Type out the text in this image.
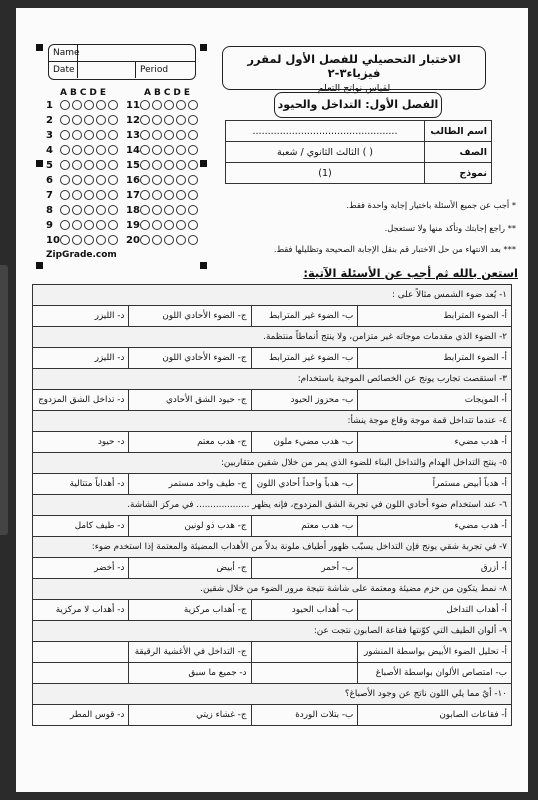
Name
Date	Period
ABCDE	ABCDE
1
2
3
4
5
6
7
8
9
10
11
12
13
14
15
16
17
18
19
20
ZipGrade.com
الاختبار التحصيلي للفصل الأول لمقرر فيزياء٣-٢
لقياس نواتج التعلم
الفصل الأول: التداخل والحيود
................................................	اسم الطالب
الثالث الثانوي / شعبة ( )	الصف
(1)	نموذج
* أجب عن جميع الأسئلة باختيار إجابة واحدة فقط.
** راجع إجابتك وتأكد منها ولا تستعجل.
*** بعد الانتهاء من حل الاختبار قم بنقل الإجابة الصحيحة وتظليلها فقط.
استعن بالله ثم أجب عن الأسئلة الآتية:
١- يُعد ضوء الشمس مثالاً على :			
أ- الضوء المترابط	ب- الضوء غير المترابط	ج- الضوء الأحادي اللون	د- الليزر
٢- الضوء الذي مقدمات موجاته غير متزامن، ولا ينتج أنماطاً منتظمة.			
أ- الضوء المترابط	ب- الضوء غير المترابط	ج- الضوء الأحادي اللون	د- الليزر
٣- استقصت تجارب يونج عن الخصائص الموجية باستخدام:			
أ- المويجات	ب- محزوز الحيود	ج- حيود الشق الأحادي	د- تداخل الشق المزدوج
٤- عندما تتداخل قمة موجة وقاع موجة ينشأ:			
أ- هدب مضيء	ب- هدب مضيء ملون	ج- هدب معتم	د- حيود
٥- ينتج التداخل الهدام والتداخل البناء للضوء الذي يمر من خلال شقين متقاربين:			
أ- هدباً أبيض مستمراً	ب- هدباً واحداً أحادي اللون	ج- طيف واحد مستمر	د- أهداباً متتالية
٦- عند استخدام ضوء أحادي اللون في تجربة الشق المزدوج، فإنه يظهر ................... في مركز الشاشة.			
أ- هدب مضيء	ب- هدب معتم	ج- هدب ذو لونين	د- طيف كامل
٧- في تجربة شقي يونج فإن التداخل يسبّب ظهور أطياف ملونة بدلاً من الأهداب المضيئة والمعتمة إذا استخدم ضوء:			
أ- أزرق	ب- أحمر	ج- أبيض	د- أخضر
٨- نمط يتكون من حزم مضيئة ومعتمة على شاشة نتيجة مرور الضوء من خلال شقين.			
أ- أهداب التداخل	ب- أهداب الحيود	ج- أهداب مركزية	د- أهداب لا مركزية
٩- ألوان الطيف التي كوّنتها فقاعة الصابون نتجت عن:			
أ- تحليل الضوء الأبيض بواسطة المنشور		ج- التداخل في الأغشية الرقيقة	
ب- امتصاص الألوان بواسطة الأصباغ		د- جميع ما سبق	
١٠- أيٌ مما يلي اللون ناتج عن وجود الأصباغ؟			
أ- فقاعات الصابون	ب- بتلات الوردة	ج- غشاء زيتي	د- قوس المطر
